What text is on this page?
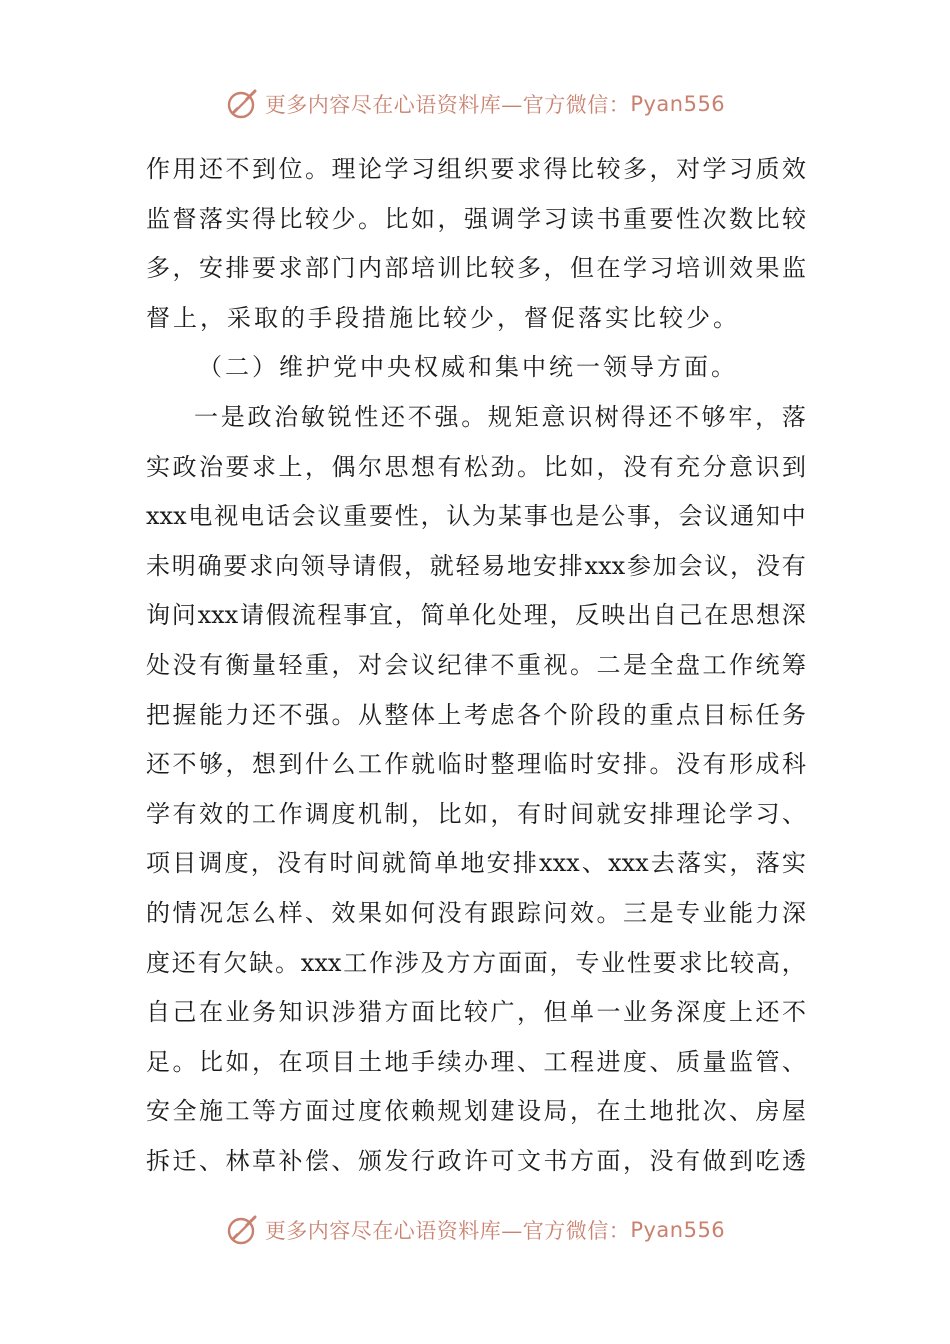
更多内容尽在心语资料库—官方微信： Pyan556
作 用 还 不 到 位 。 理 论 学 习 组 织 要 求 得 比 较 多 ， 对 学 习 质 效
监 督 落 实 得 比 较 少 。 比 如 ， 强 调 学 习 读 书 重 要 性 次 数 比 较
多 ， 安 排 要 求 部 门 内 部 培 训 比 较 多 ， 但 在 学 习 培 训 效 果 监
督上，采取的手段措施比较少，督促落实比较少。
（二）维护党中央权威和集中统一领导方面。
一 是 政 治 敏 锐 性 还 不 强 。 规 矩 意 识 树 得 还 不 够 牢 ， 落
实 政 治 要 求 上 ， 偶 尔 思 想 有 松 劲 。 比 如 ， 没 有 充 分 意 识 到
xxx 电 视 电 话 会 议 重 要 性 ， 认 为 某 事 也 是 公 事 ， 会 议 通 知 中
未 明 确 要 求 向 领 导 请 假 ， 就 轻 易 地 安 排 xxx 参 加 会 议 ， 没 有
询 问 xxx 请 假 流 程 事 宜 ， 简 单 化 处 理 ， 反 映 出 自 己 在 思 想 深
处 没 有 衡 量 轻 重 ， 对 会 议 纪 律 不 重 视 。 二 是 全 盘 工 作 统 筹
把 握 能 力 还 不 强 。 从 整 体 上 考 虑 各 个 阶 段 的 重 点 目 标 任 务
还 不 够 ， 想 到 什 么 工 作 就 临 时 整 理 临 时 安 排 。 没 有 形 成 科
学 有 效 的 工 作 调 度 机 制 ， 比 如 ， 有 时 间 就 安 排 理 论 学 习 、
项 目 调 度 ， 没 有 时 间 就 简 单 地 安 排 xxx 、 xxx 去 落 实 ， 落 实
的 情 况 怎 么 样 、 效 果 如 何 没 有 跟 踪 问 效 。 三 是 专 业 能 力 深
度 还 有 欠 缺 。 xxx 工 作 涉 及 方 方 面 面 ， 专 业 性 要 求 比 较 高 ，
自 己 在 业 务 知 识 涉 猎 方 面 比 较 广 ， 但 单 一 业 务 深 度 上 还 不
足 。 比 如 ， 在 项 目 土 地 手 续 办 理 、 工 程 进 度 、 质 量 监 管 、
安 全 施 工 等 方 面 过 度 依 赖 规 划 建 设 局 ， 在 土 地 批 次 、 房 屋
拆 迁 、 林 草 补 偿 、 颁 发 行 政 许 可 文 书 方 面 ， 没 有 做 到 吃 透
更多内容尽在心语资料库—官方微信： Pyan556
